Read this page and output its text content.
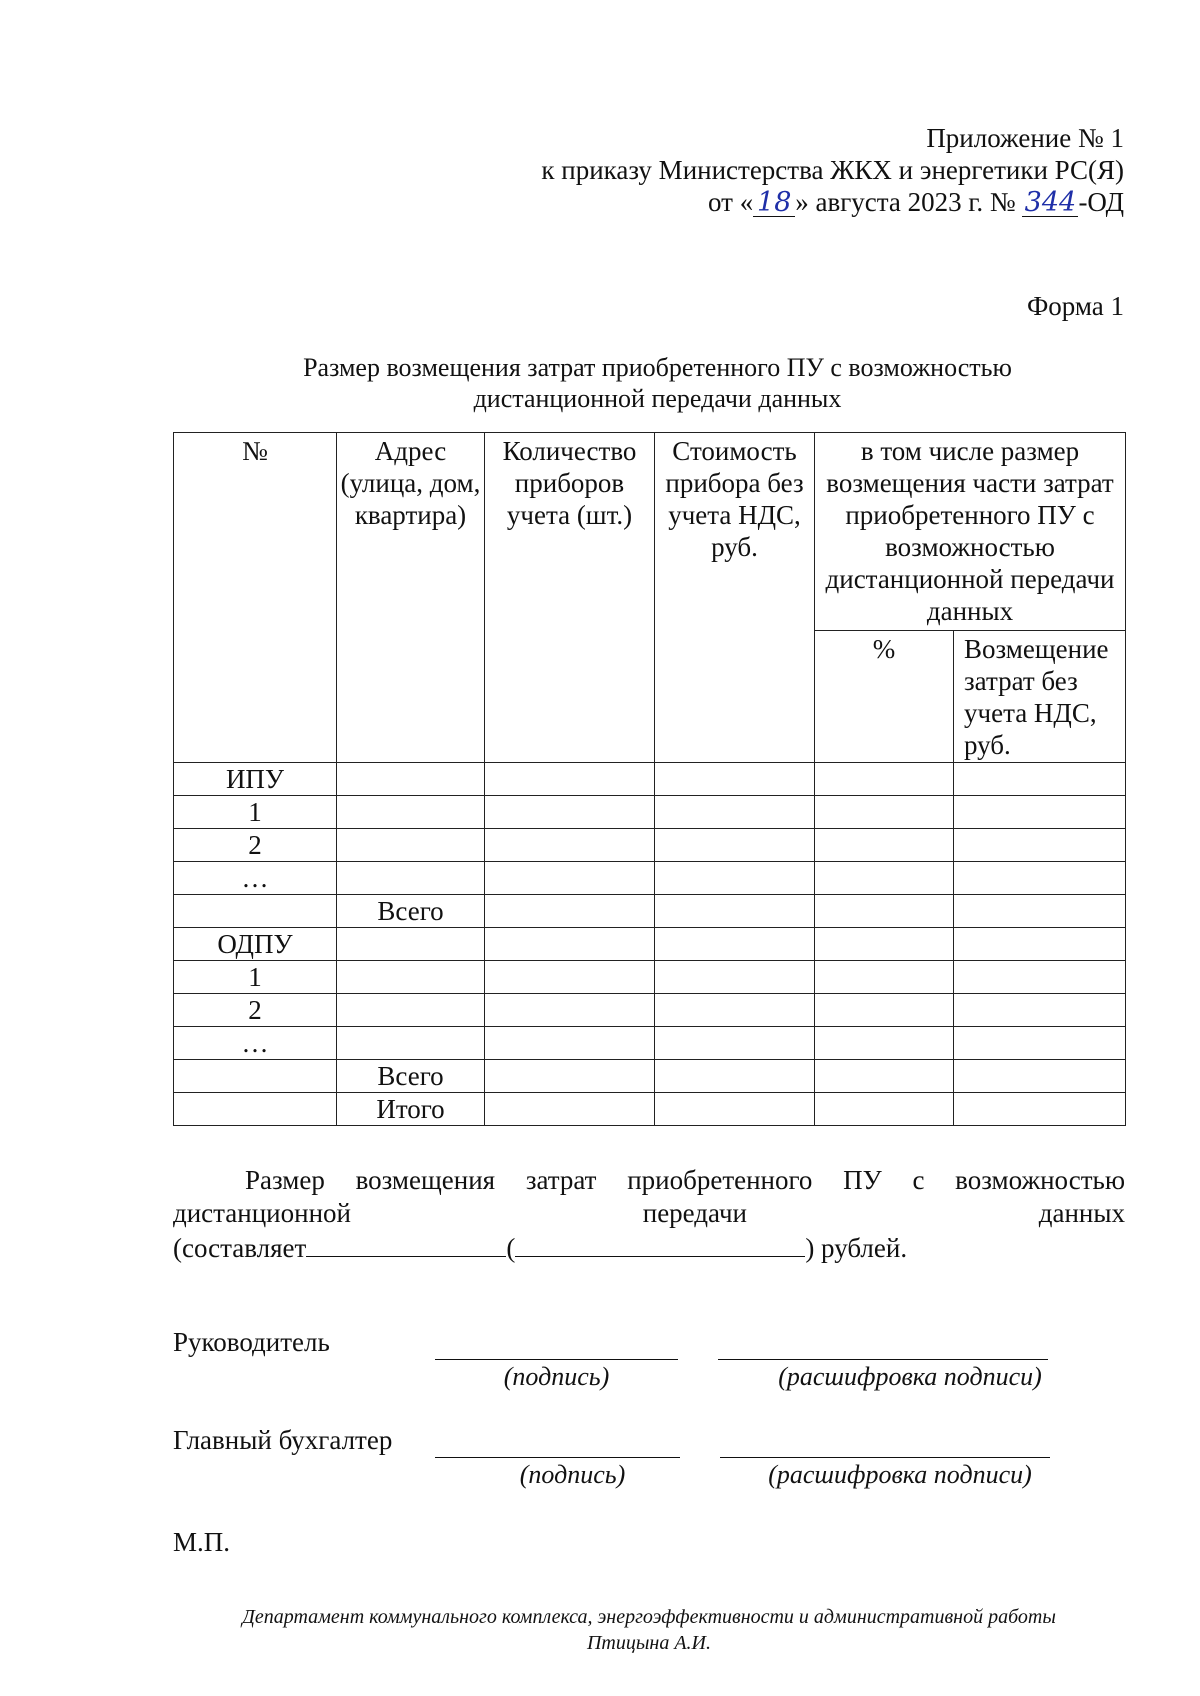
Приложение № 1
к приказу Министерства ЖКХ и энергетики РС(Я)
от « 18 » августа 2023 г. № 344-ОД
Форма 1
Размер возмещения затрат приобретенного ПУ с возможностью
дистанционной передачи данных
№	Адрес (улица, дом, квартира)	Количество приборов учета (шт.)	Стоимость прибора без учета НДС, руб.	в том числе размер возмещения части затрат приобретенного ПУ с возможностью дистанционной передачи данных	
				%	Возмещение затрат без учета НДС, руб.
ИПУ					
1					
2					
…					
	Всего				
ОДПУ					
1					
2					
…					
	Всего				
	Итого				
Размер возмещения затрат приобретенного ПУ с возможностью
дистанционной передачи данных
(составляет	(	) рублей.
Руководитель
(подпись)	(расшифровка подписи)
Главный бухгалтер
(подпись)	(расшифровка подписи)
М.П.
Департамент коммунального комплекса, энергоэффективности и административной работы
Птицына А.И.
